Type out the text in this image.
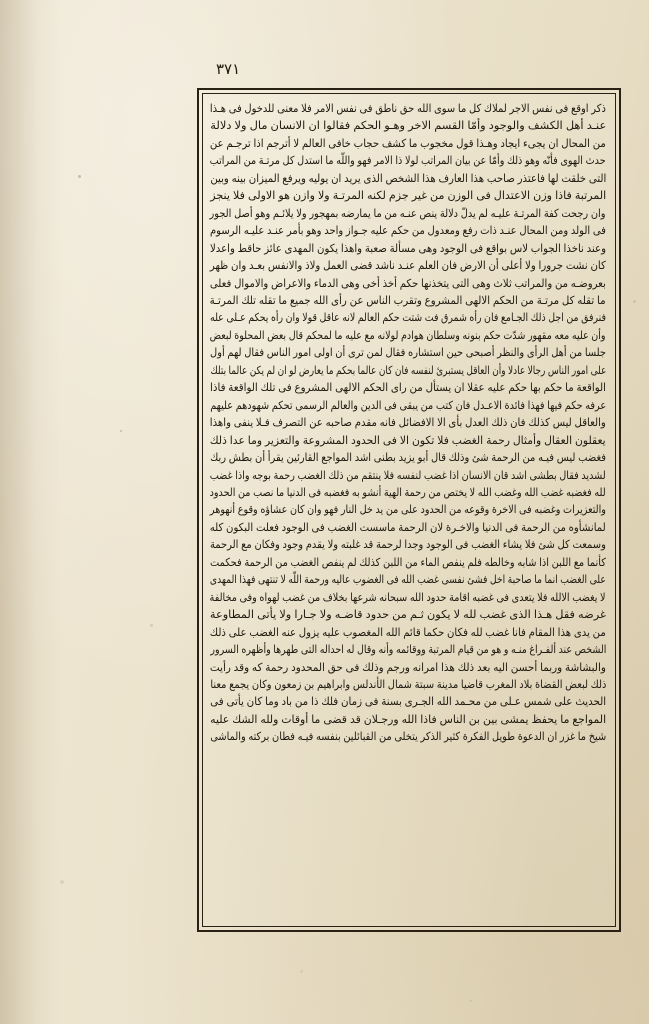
٣٧١
ذكر اوقع فى نفس الاجر لملاك كل ما سوى الله حق ناطق فى نفس الامر فلا معنى للدخول فى هـذا
عنـد أهل الكشف والوجود وأمّا القسم الاخر وهـو الحكم فقالوا ان الانسان مال ولا دلالة
من المحال ان يجىء ايجاد وهـذا قول مخجوب ما كشف حجاب خافى العالم لا أترجم اذا ترجـم عن
حدث الهوى فأنّه وهو ذلك وأمّا عن بيان المراتب لولا ذا الامر فهو واللّه ما استدل كل مرتـة من المراتب
التى خلقت لها فاعتذر صاحب هذا العارف هذا الشخص الذى يريد ان يوليه ويرفع الميزان بينه وبين
المرتبة فاذا وزن الاعتدال فى الوزن من غير جزم لكنه المرتـة ولا وازن هو الاولى فلا ينجز
وان رجحت كفة المرتـة عليـه لم يدلّ دلالة ينص عنـه من ما يمارضه بمهجور ولا يلائـم وهو أصل الجور
فى الولد ومن المحال عنـد ذات رفع ومعدول من حكم عليه جـواز واحد وهو بأمر عنـد عليـه الرسوم
وعند ناخذا الجواب لاس بواقع فى الوجود وهى مسألة صعبة واهذا يكون المهدى عائز حاقط واعدلا
كان نشت جرورا ولا أعلى أن الارض فان العلم عنـد ناشد قضى العمل ولاذ والانفس بعـد وان ظهر
بعروضـه من والمراتب ثلاث وهى التى يتخذنها حكم أخذ أخى وهى الدماء والاعراض والاموال فعلى
ما تقله كل مرتـة من الحكم الالهى المشروع وتقرب الناس عن رأى الله جميع ما تقله تلك المرتـة
فنرفق من اجل ذلك الجـامع فان رأه شمرق فت شتت حكم العالم لانه عاقل قولا وان رأه يحكم عـلى عله
وأن عليه معه مقهور شدّت حكم بنونه وسلطان هوادم لولانه مع عليه ما لمحكم قال بعض المحلوة لبعض
جلسا من أهل الرأى والنظر أصبحى حين استشاره فقال لمن ترى أن اولى امور الناس فقال لهم أول
على امور الناس رجالا عادلا وأن العاقل يستبرئ لنفسه فان كان عالما بحكم ما يعارض لو ان لم يكن عالما بتلك
الواقعة ما حكم بها حكم عليه عقلا ان يستأل من راى الحكم الالهى المشروع فى تلك الواقعة فاذا
عرفه حكم فيها فهذا فائدة الاعـدل فان كتب من يبقى فى الدين والعالم الرسمى تحكم شهودهم عليهم
والعاقل ليس كذلك فان ذلك العدل بأى الا الافضائل فانه مقدم صاحبه عن التصرف فـلا ينفى واهذا
يعقلون العقال وأمثال رحمة الغضب فلا تكون الا فى الحدود المشروعة والتعزير وما عدا ذلك
فغضب ليس فيـه من الرحمة شئ وذلك قال أبو يزيد بطنى اشد المواجع القارئين يقرأ أن بطش ربك
لشديد فقال بطشى اشد قان الانسان اذا غضب لنفسه فلا ينتقم من ذلك الغضب رحمة بوجه واذا غضب
لله فغضبه غضب الله وغضب الله لا يختص من رحمة الهية أنشو به فغضبه فى الدنيا ما نصب من الحدود
والتعزيرات وغضبه فى الاخرة وقوعه من الحدود على من يد خل النار فهو وان كان عشاؤه وقوع أنهوهر
لمانشأوه من الرحمة فى الدنيا والاخـرة لان الرحمة ماسست الغضب فى الوجود فعلت البكون كله
وسمعت كل شئ فلا يشاء الغضب فى الوجود وجدا لرحمة قد غلبته ولا يقدم وجود وفكان مع الرحمة
كأنما مع اللبن اذا شابه وخالطه فلم ينفص الماء من اللبن كذلك لم ينفص الغضب من الرحمة فحكمت
على الغضب انما ما صاحبة اخل فشئ نفسى غضب الله فى الغضوب عاليه ورحمة اللّه لا تنتهى فهذا المهدى
لا يغضب الالله فلا يتعدى فى غضبه اقامة حدود الله سبحانه شرعها بخلاف من غضب لهواه وفى مخالفة
غرضه فقل هـذا الذى غضب لله لا يكون ثـم من حدود قاضـه ولا جـارا ولا يأتى المطاوعة
من يدى هذا المقام فانا غضب لله فكان حكما قائم الله المغصوب عليه يزول عنه الغضب على ذلك
الشخص عند ألفـراغ منـه و هو من قيام المرتبة ووقائمه وأنه وقال له احداله التى طهرها وأظهره السرور
والبشاشة وربما أحسن اليه بعد ذلك هذا امرانه ورجم وذلك فى حق المحدود رحمة كه وقد رأيت
ذلك لبعض القضاة بلاد المغرب قاضيا مدينة سبتة شمال الأندلس وابراهيم بن زمعون وكان يجمع معنا
الحديث على شمس عـلى من محـمد الله الجـرى بسنة فى زمان فلك ذا من باد وما كان يأتى فى
المواجع ما يحفظ يمشى بين بن الناس فاذا الله ورجـلان قد قضى ما أوقات ولله الشك عليه
شيخ ما غزر ان الدعوة طويل الفكرة كثير الذكر يتخلى من القبائلين بنفسه فيـه فطان بركته والماشى
